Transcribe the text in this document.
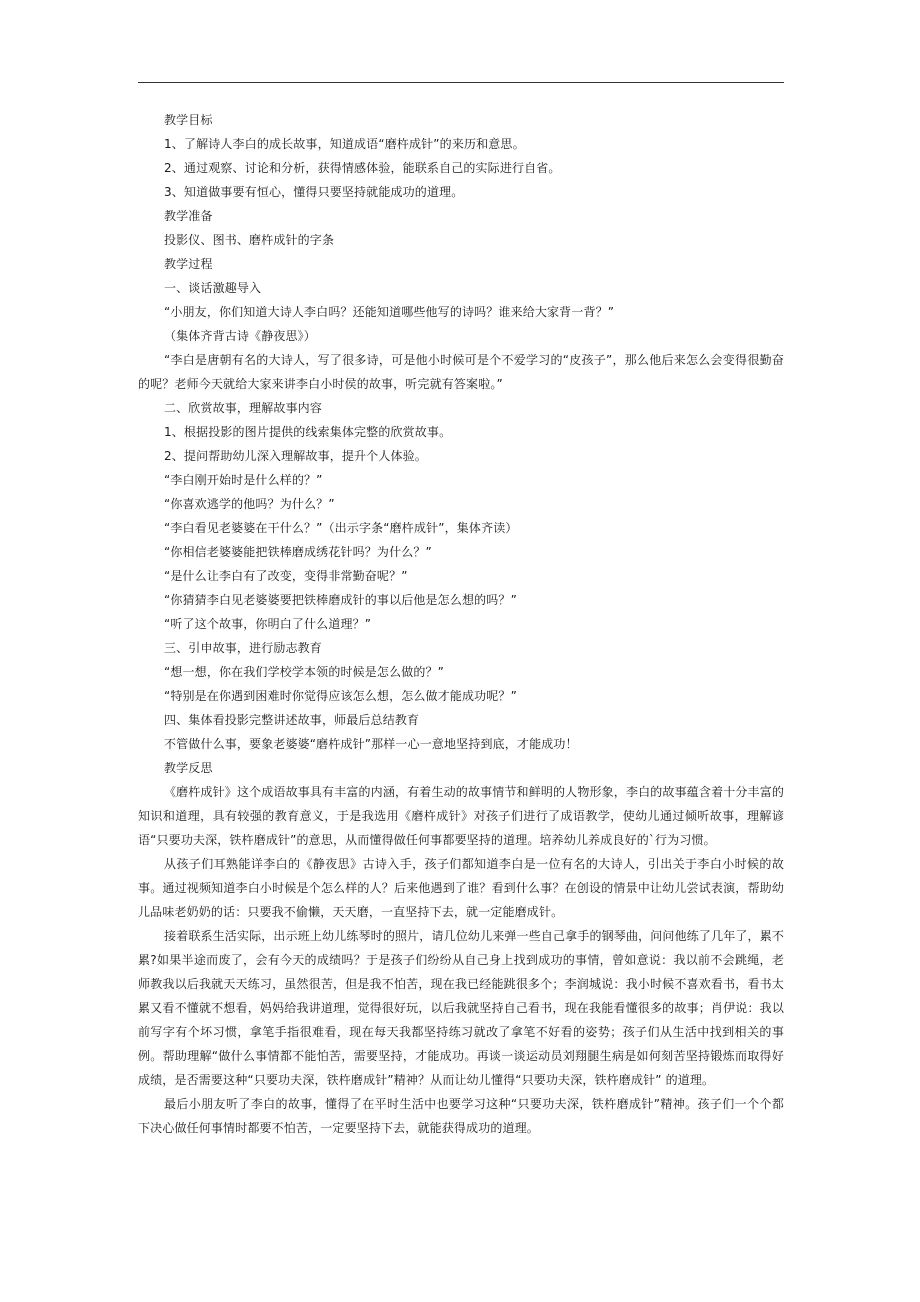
教学目标
1、了解诗人李白的成长故事，知道成语“磨杵成针”的来历和意思。
2、通过观察、讨论和分析，获得情感体验，能联系自己的实际进行自省。
3、知道做事要有恒心，懂得只要坚持就能成功的道理。
教学准备
投影仪、图书、磨杵成针的字条
教学过程
一、谈话激趣导入
“小朋友，你们知道大诗人李白吗？还能知道哪些他写的诗吗？谁来给大家背一背？”
（集体齐背古诗《静夜思》）
“李白是唐朝有名的大诗人，写了很多诗，可是他小时候可是个不爱学习的“皮孩子”，那么他后来怎么会变得很勤奋的呢？老师今天就给大家来讲李白小时侯的故事，听完就有答案啦。”
二、欣赏故事，理解故事内容
1、根据投影的图片提供的线索集体完整的欣赏故事。
2、提问帮助幼儿深入理解故事，提升个人体验。
“李白刚开始时是什么样的？”
“你喜欢逃学的他吗？为什么？”
“李白看见老婆婆在干什么？”（出示字条“磨杵成针”，集体齐读）
“你相信老婆婆能把铁棒磨成绣花针吗？为什么？”
“是什么让李白有了改变，变得非常勤奋呢？”
“你猜猜李白见老婆婆要把铁棒磨成针的事以后他是怎么想的吗？”
“听了这个故事，你明白了什么道理？”
三、引申故事，进行励志教育
“想一想，你在我们学校学本领的时候是怎么做的？”
“特别是在你遇到困难时你觉得应该怎么想，怎么做才能成功呢？”
四、集体看投影完整讲述故事，师最后总结教育
不管做什么事，要象老婆婆“磨杵成针”那样一心一意地坚持到底，才能成功！
教学反思
《磨杵成针》这个成语故事具有丰富的内涵，有着生动的故事情节和鲜明的人物形象，李白的故事蕴含着十分丰富的知识和道理，具有较强的教育意义，于是我选用《磨杵成针》对孩子们进行了成语教学，使幼儿通过倾听故事，理解谚语“只要功夫深，铁杵磨成针”的意思，从而懂得做任何事都要坚持的道理。培养幼儿养成良好的`行为习惯。
从孩子们耳熟能详李白的《静夜思》古诗入手，孩子们都知道李白是一位有名的大诗人，引出关于李白小时候的故事。通过视频知道李白小时候是个怎么样的人？后来他遇到了谁？看到什么事？在创设的情景中让幼儿尝试表演，帮助幼儿品味老奶奶的话：只要我不偷懒，天天磨，一直坚持下去，就一定能磨成针。
接着联系生活实际，出示班上幼儿练琴时的照片，请几位幼儿来弹一些自己拿手的钢琴曲，问问他练了几年了，累不累?如果半途而废了，会有今天的成绩吗？于是孩子们纷纷从自己身上找到成功的事情，曾如意说：我以前不会跳绳，老师教我以后我就天天练习，虽然很苦，但是我不怕苦，现在我已经能跳很多个；李润城说：我小时候不喜欢看书，看书太累又看不懂就不想看，妈妈给我讲道理，觉得很好玩，以后我就坚持自己看书，现在我能看懂很多的故事；肖伊说：我以前写字有个坏习惯，拿笔手指很难看，现在每天我都坚持练习就改了拿笔不好看的姿势；孩子们从生活中找到相关的事例。帮助理解“做什么事情都不能怕苦，需要坚持，才能成功。再谈一谈运动员刘翔腿生病是如何刻苦坚持锻炼而取得好成绩，是否需要这种“只要功夫深，铁杵磨成针”精神？从而让幼儿懂得“只要功夫深，铁杵磨成针” 的道理。
最后小朋友听了李白的故事，懂得了在平时生活中也要学习这种“只要功夫深，铁杵磨成针”精神。孩子们一个个都下决心做任何事情时都要不怕苦，一定要坚持下去，就能获得成功的道理。
